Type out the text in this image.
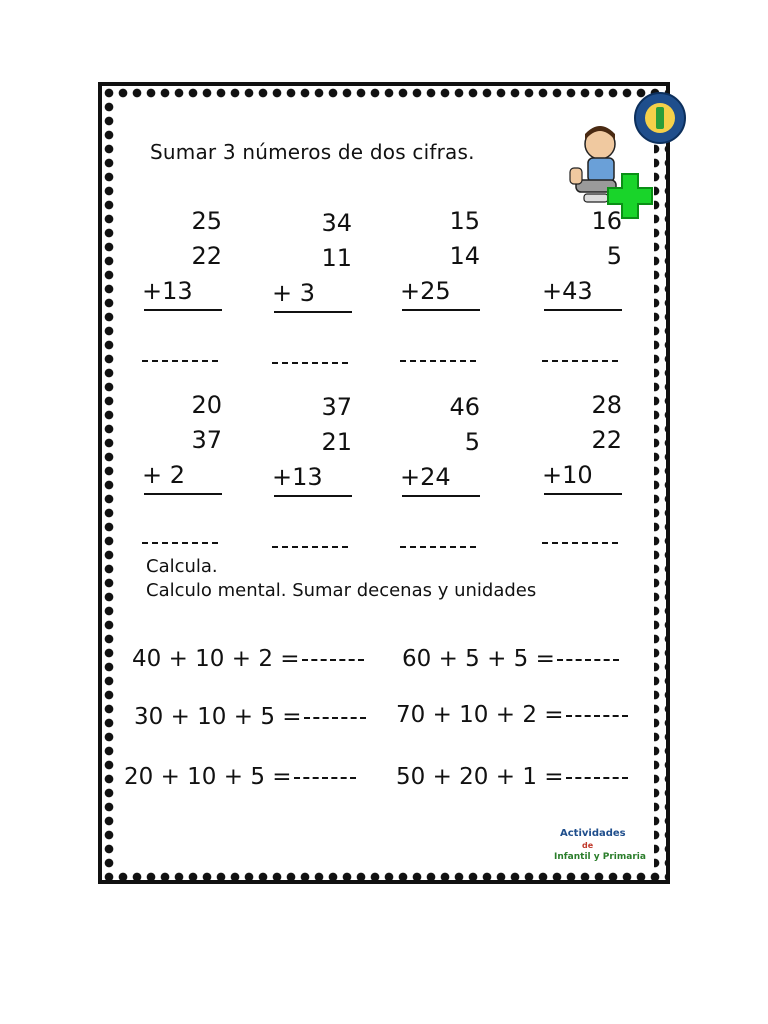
Sumar 3 números de dos cifras.
25
22
+13
34
11
+ 3
15
14
+25
16
5
+43
20
37
+ 2
37
21
+13
46
5
+24
28
22
+10
Calcula.
Calculo mental. Sumar decenas y unidades
40 + 10 + 2 =	60 + 5 + 5 =
30 + 10 + 5 =	70 + 10 + 2 =
20 + 10 + 5 =	50 + 20 + 1 =
Actividades
de
Infantil y Primaria
